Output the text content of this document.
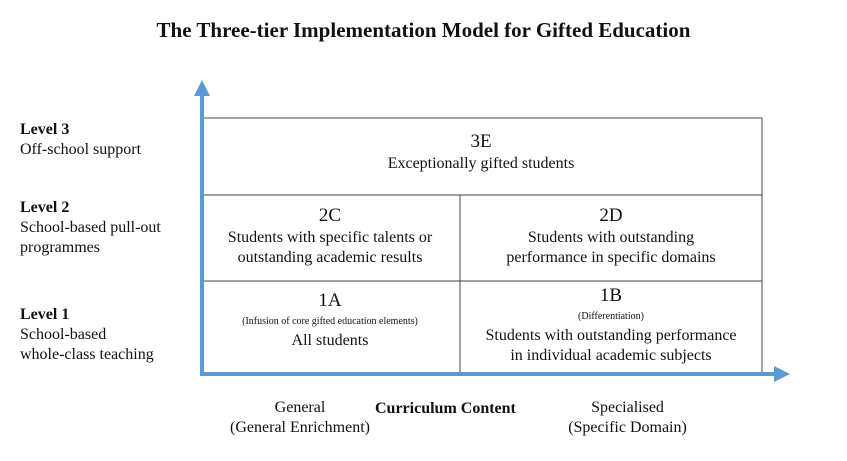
The Three-tier Implementation Model for Gifted Education
Level 3
Off-school support
Level 2
School-based pull-out
programmes
Level 1
School-based
whole-class teaching
3E
Exceptionally gifted students
2C
Students with specific talents or
outstanding academic results
2D
Students with outstanding
performance in specific domains
1A
(Infusion of core gifted education elements)
All students
1B
(Differentiation)
Students with outstanding performance
in individual academic subjects
General
(General Enrichment)
Curriculum Content	Specialised
(Specific Domain)
